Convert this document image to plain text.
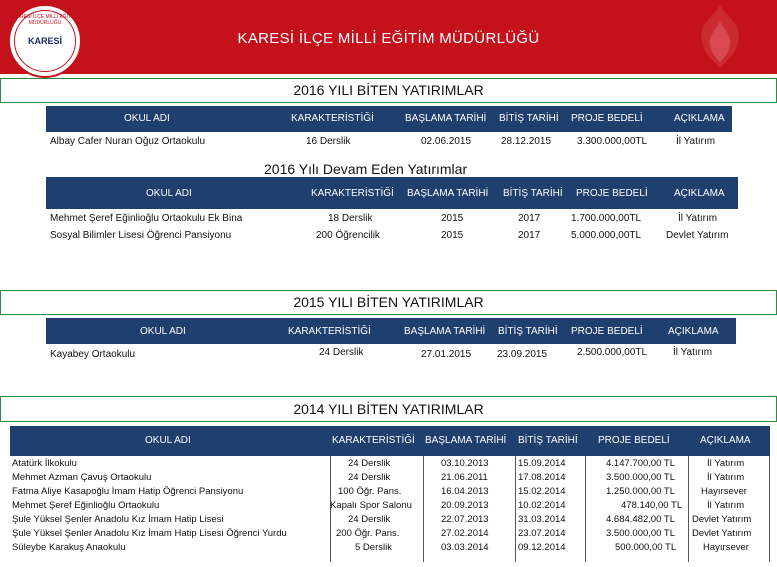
KARESİ İLÇE MİLLİ EĞİTİM MÜDÜRLÜĞÜ
KARESİ İLÇE MİLLİ EĞİTİM MÜDÜRLÜĞÜ
KARESİ
2016 YILI BİTEN YATIRIMLAR
OKUL ADI	KARAKTERİSTİĞİ	BAŞLAMA TARİHİ BİTİŞ TARİHİ PROJE BEDELİ	AÇIKLAMA
Albay Cafer Nuran Oğuz Ortaokulu	16 Derslik	02.06.2015	28.12.2015	3.300.000,00TL	İl Yatırım
2016 Yılı Devam Eden Yatırımlar
OKUL ADI	KARAKTERİSTİĞİ BAŞLAMA TARİHİ BİTİŞ TARİHİ PROJE BEDELİ	AÇIKLAMA
Mehmet Şeref Eğinlioğlu Ortaokulu Ek Bina	18 Derslik	2015	2017	1.700.000,00TL	İl Yatırım
Sosyal Bilimler Lisesi Öğrenci Pansiyonu	200 Öğrencilik	2015	2017	5.000.000,00TL Devlet Yatırım
2015 YILI BİTEN YATIRIMLAR
OKUL ADI	KARAKTERİSTİĞİ	BAŞLAMA TARİHİ BİTİŞ TARİHİ PROJE BEDELİ	AÇIKLAMA
Kayabey Ortaokulu	24 Derslik	27.01.2015	23.09.2015	2.500.000,00TL	İl Yatırım
2014 YILI BİTEN YATIRIMLAR
OKUL ADI	KARAKTERİSTİĞİ BAŞLAMA TARİHİ BİTİŞ TARİHİ PROJE BEDELİ	AÇIKLAMA
Atatürk İlkokulu	24 Derslik	03.10.2013	15.09.2014	4.147.700,00 TL	İl Yatırım
Mehmet Azman Çavuş Ortaokulu	24 Derslik	21.06.2011	17.08.2014	3.500.000,00 TL	İl Yatırım
Fatma Aliye Kasapoğlu İmam Hatip Öğrenci Pansiyonu	100 Öğr. Pans.	16.04.2013	15.02.2014	1.250.000,00 TL	Hayırsever
Mehmet Şeref Eğinlioğlu Ortaokulu	Kapalı Spor Salonu	20.09.2013	10.02.2014	478.140,00 TL	İl Yatırım
Şule Yüksel Şenler Anadolu Kız İmam Hatip Lisesi	24 Derslik	22.07.2013	31.03.2014	4.684.482,00 TL Devlet Yatırım
Şule Yüksel Şenler Anadolu Kız İmam Hatip Lisesi Öğrenci Yurdu	200 Öğr. Pans.	27.02.2014	23.07.2014	3.500.000,00 TL Devlet Yatırım
Süleybe Karakuş Anaokulu	5 Derslik	03.03.2014	09.12.2014	500.000,00 TL	Hayırsever
